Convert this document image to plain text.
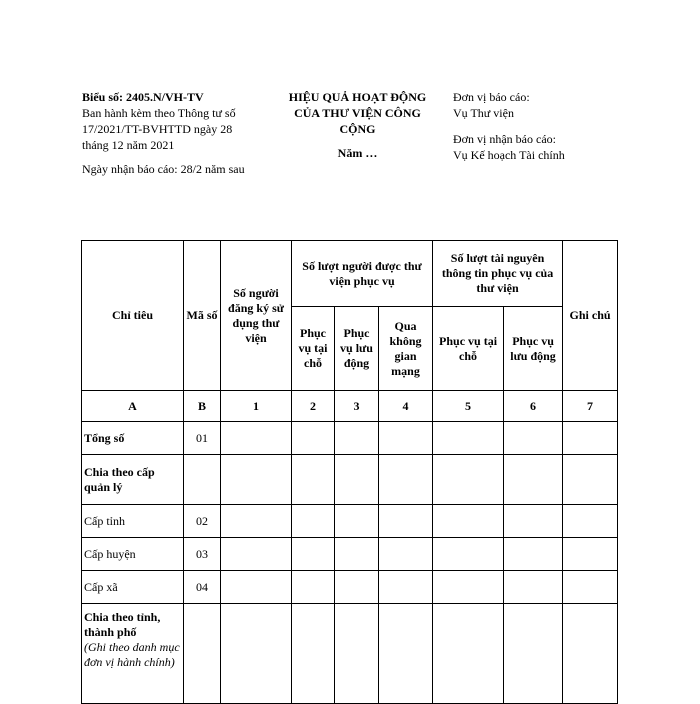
Biểu số: 2405.N/VH-TV
Ban hành kèm theo Thông tư số 17/2021/TT-BVHTTD ngày 28 tháng 12 năm 2021
Ngày nhận báo cáo: 28/2 năm sau
HIỆU QUẢ HOẠT ĐỘNG
CỦA THƯ VIỆN CÔNG CỘNG
Năm …
Đơn vị báo cáo:
Vụ Thư viện
Đơn vị nhận báo cáo:
Vụ Kế hoạch Tài chính
Chỉ tiêu	Mã số	Số người đăng ký sử dụng thư viện	Số lượt người được thư viện phục vụ			Số lượt tài nguyên thông tin phục vụ của thư viện		Ghi chú
			Phục vụ tại chỗ	Phục vụ lưu động	Qua không gian mạng	Phục vụ tại chỗ	Phục vụ lưu động	
A	B	1	2	3	4	5	6	7
Tổng số	01							
Chia theo cấp quản lý								
Cấp tỉnh	02							
Cấp huyện	03							
Cấp xã	04							

Chia theo tỉnh, thành phố
(Ghi theo danh mục đơn vị hành chính)								
